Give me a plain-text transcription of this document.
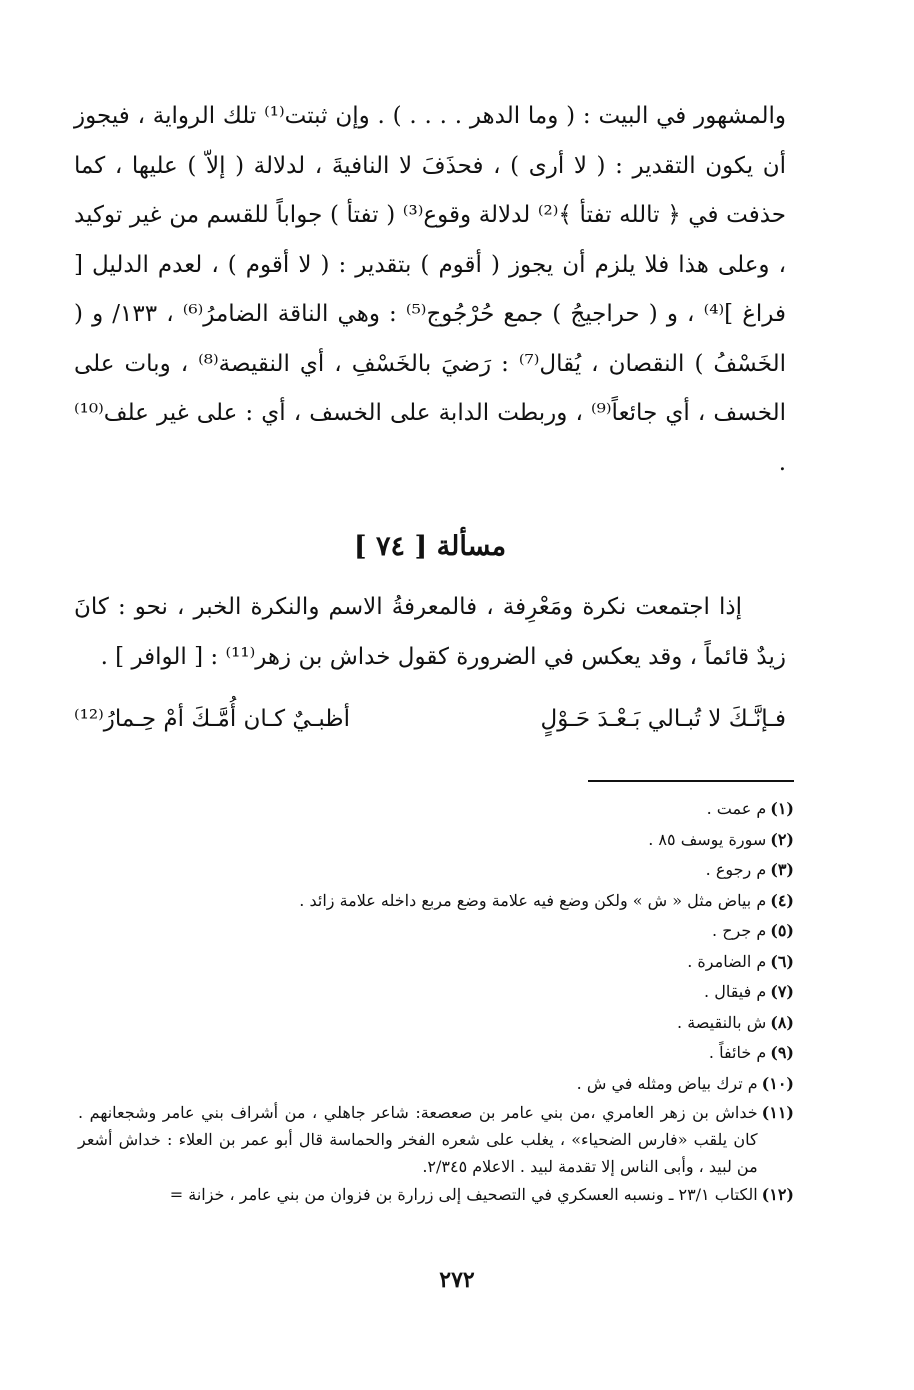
والمشهور في البيت : ( وما الدهر . . . . ) . وإن ثبتت⁽¹⁾ تلك الرواية ، فيجوز أن يكون التقدير : ( لا أرى ) ، فحذَفَ لا النافيةَ ، لدلالة ( إلاّ ) عليها ، كما حذفت في ﴿ تالله تفتأ ﴾⁽²⁾ لدلالة وقوع⁽³⁾ ( تفتأ ) جواباً للقسم من غير توكيد ، وعلى هذا فلا يلزم أن يجوز ( أقوم ) بتقدير : ( لا أقوم ) ، لعدم الدليل [ فراغ ]⁽⁴⁾ ، و ( حراجيجُ ) جمع حُرْجُوج⁽⁵⁾ : وهي الناقة الضامرُ⁽⁶⁾ ، ١٣٣/ و ( الخَسْفُ ) النقصان ، يُقال⁽⁷⁾ : رَضيَ بالخَسْفِ ، أي النقيصة⁽⁸⁾ ، وبات على الخسف ، أي جائعاً⁽⁹⁾ ، وربطت الدابة على الخسف ، أي : على غير علف⁽¹⁰⁾ .

مسألة [ ٧٤ ]

إذا اجتمعت نكرة ومَعْرِفة ، فالمعرفةُ الاسم والنكرة الخبر ، نحو : كانَ زيدٌ قائماً ، وقد يعكس في الضرورة كقول خداش بن زهر⁽¹¹⁾ : [ الوافر ] .

فـإنَّـكَ لا تُبـالي بَـعْـدَ حَـوْلٍ
أظبـيٌ كـان أُمَّـكَ أمْ حِـمارُ⁽¹²⁾
(١)
م عمت .
(٢)
سورة يوسف ٨٥ .
(٣)
م رجوع .
(٤)
م بياض مثل « ش » ولكن وضع فيه علامة وضع مربع داخله علامة زائد .
(٥)
م جرح .
(٦)
م الضامرة .
(٧)
م فيقال .
(٨)
ش بالنقيصة .
(٩)
م خائفاً .
(١٠)
م ترك بياض ومثله في ش .
(١١)
خداش بن زهر العامري ،من بني عامر بن صعصعة: شاعر جاهلي ، من أشراف بني عامر وشجعانهم . كان يلقب «فارس الضحياء» ، يغلب على شعره الفخر والحماسة قال أبو عمر بن العلاء : خداش أشعر من لبيد ، وأبى الناس إلا تقدمة لبيد . الاعلام ٢/٣٤٥.
(١٢)
الكتاب ٢٣/١ ـ ونسبه العسكري في التصحيف إلى زرارة بن فزوان من بني عامر ، خزانة =
٢٧٢
